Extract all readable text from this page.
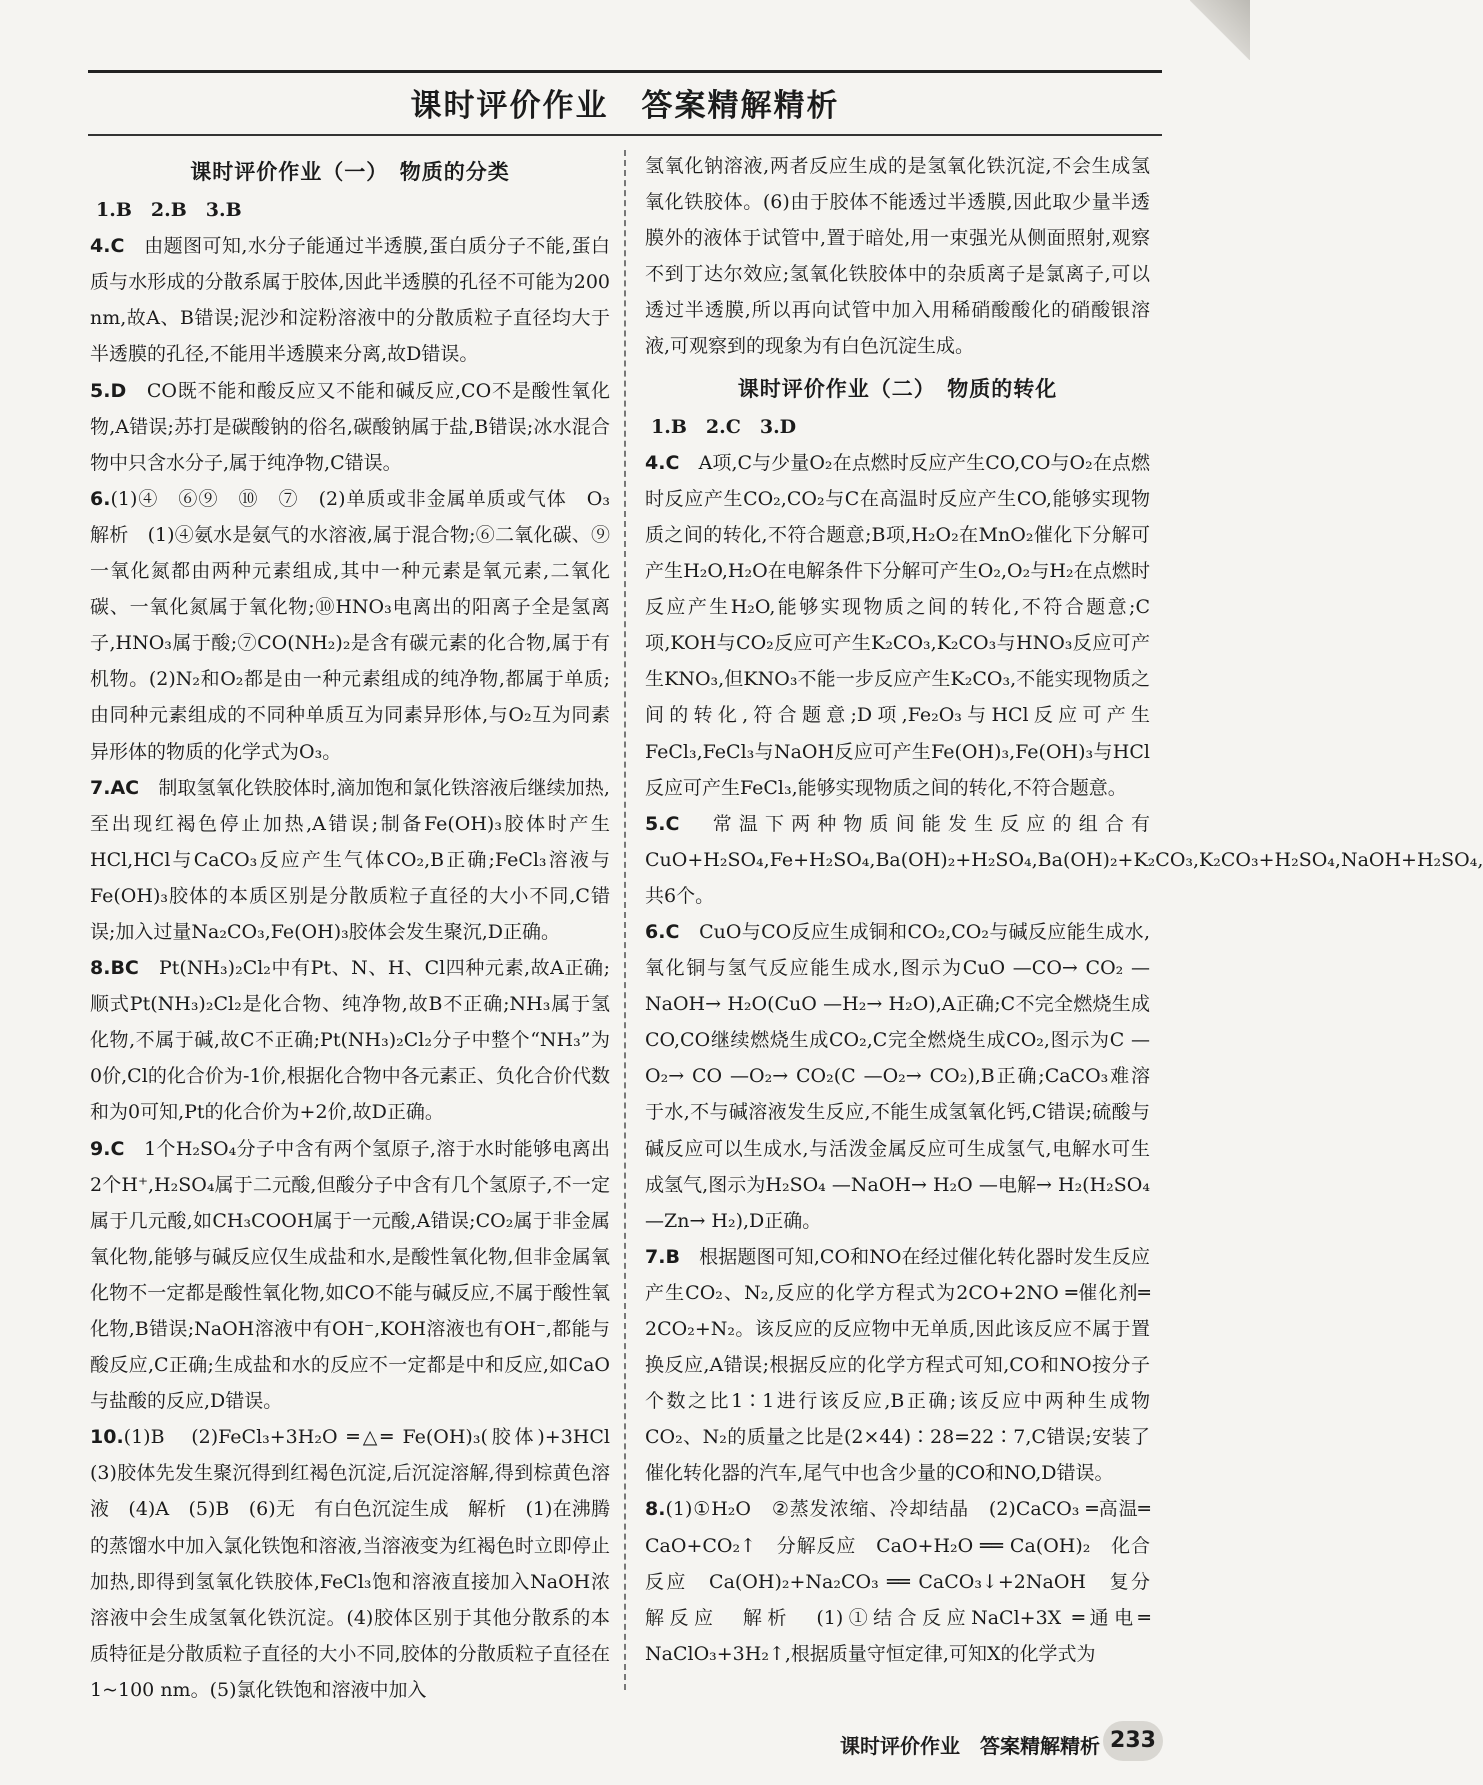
课时评价作业　答案精解精析

课时评价作业（一）　物质的分类

1.B　2.B　3.B

4.C　 由题图可知,水分子能通过半透膜,蛋白质分子不能,蛋白质与水形成的分散系属于胶体,因此半透膜的孔径不可能为200 nm,故A、B错误;泥沙和淀粉溶液中的分散质粒子直径均大于半透膜的孔径,不能用半透膜来分离,故D错误。

5.D　 CO既不能和酸反应又不能和碱反应,CO不是酸性氧化物,A错误;苏打是碳酸钠的俗名,碳酸钠属于盐,B错误;冰水混合物中只含水分子,属于纯净物,C错误。

6.(1)④　⑥⑨　⑩　⑦　(2)单质或非金属单质或气体　O₃　解析　(1)④氨水是氨气的水溶液,属于混合物;⑥二氧化碳、⑨一氧化氮都由两种元素组成,其中一种元素是氧元素,二氧化碳、一氧化氮属于氧化物;⑩HNO₃电离出的阳离子全是氢离子,HNO₃属于酸;⑦CO(NH₂)₂是含有碳元素的化合物,属于有机物。(2)N₂和O₂都是由一种元素组成的纯净物,都属于单质;由同种元素组成的不同种单质互为同素异形体,与O₂互为同素异形体的物质的化学式为O₃。

7.AC　 制取氢氧化铁胶体时,滴加饱和氯化铁溶液后继续加热,至出现红褐色停止加热,A错误;制备Fe(OH)₃胶体时产生HCl,HCl与CaCO₃反应产生气体CO₂,B正确;FeCl₃溶液与Fe(OH)₃胶体的本质区别是分散质粒子直径的大小不同,C错误;加入过量Na₂CO₃,Fe(OH)₃胶体会发生聚沉,D正确。

8.BC　 Pt(NH₃)₂Cl₂中有Pt、N、H、Cl四种元素,故A正确;顺式Pt(NH₃)₂Cl₂是化合物、纯净物,故B不正确;NH₃属于氢化物,不属于碱,故C不正确;Pt(NH₃)₂Cl₂分子中整个“NH₃”为0价,Cl的化合价为-1价,根据化合物中各元素正、负化合价代数和为0可知,Pt的化合价为+2价,故D正确。

9.C　 1个H₂SO₄分子中含有两个氢原子,溶于水时能够电离出2个H⁺,H₂SO₄属于二元酸,但酸分子中含有几个氢原子,不一定属于几元酸,如CH₃COOH属于一元酸,A错误;CO₂属于非金属氧化物,能够与碱反应仅生成盐和水,是酸性氧化物,但非金属氧化物不一定都是酸性氧化物,如CO不能与碱反应,不属于酸性氧化物,B错误;NaOH溶液中有OH⁻,KOH溶液也有OH⁻,都能与酸反应,C正确;生成盐和水的反应不一定都是中和反应,如CaO与盐酸的反应,D错误。

10.(1)B　(2)FeCl₃+3H₂O ═△═ Fe(OH)₃(胶体)+3HCl　(3)胶体先发生聚沉得到红褐色沉淀,后沉淀溶解,得到棕黄色溶液　(4)A　(5)B　(6)无　有白色沉淀生成　解析　(1)在沸腾的蒸馏水中加入氯化铁饱和溶液,当溶液变为红褐色时立即停止加热,即得到氢氧化铁胶体,FeCl₃饱和溶液直接加入NaOH浓溶液中会生成氢氧化铁沉淀。(4)胶体区别于其他分散系的本质特征是分散质粒子直径的大小不同,胶体的分散质粒子直径在1~100 nm。(5)氯化铁饱和溶液中加入

氢氧化钠溶液,两者反应生成的是氢氧化铁沉淀,不会生成氢氧化铁胶体。(6)由于胶体不能透过半透膜,因此取少量半透膜外的液体于试管中,置于暗处,用一束强光从侧面照射,观察不到丁达尔效应;氢氧化铁胶体中的杂质离子是氯离子,可以透过半透膜,所以再向试管中加入用稀硝酸酸化的硝酸银溶液,可观察到的现象为有白色沉淀生成。

课时评价作业（二）　物质的转化

1.B　2.C　3.D

4.C　 A项,C与少量O₂在点燃时反应产生CO,CO与O₂在点燃时反应产生CO₂,CO₂与C在高温时反应产生CO,能够实现物质之间的转化,不符合题意;B项,H₂O₂在MnO₂催化下分解可产生H₂O,H₂O在电解条件下分解可产生O₂,O₂与H₂在点燃时反应产生H₂O,能够实现物质之间的转化,不符合题意;C项,KOH与CO₂反应可产生K₂CO₃,K₂CO₃与HNO₃反应可产生KNO₃,但KNO₃不能一步反应产生K₂CO₃,不能实现物质之间的转化,符合题意;D项,Fe₂O₃与HCl反应可产生FeCl₃,FeCl₃与NaOH反应可产生Fe(OH)₃,Fe(OH)₃与HCl反应可产生FeCl₃,能够实现物质之间的转化,不符合题意。

5.C　 常温下两种物质间能发生反应的组合有CuO+H₂SO₄,Fe+H₂SO₄,Ba(OH)₂+H₂SO₄,Ba(OH)₂+K₂CO₃,K₂CO₃+H₂SO₄,NaOH+H₂SO₄,共6个。

6.C　 CuO与CO反应生成铜和CO₂,CO₂与碱反应能生成水,氧化铜与氢气反应能生成水,图示为CuO —CO→ CO₂ —NaOH→ H₂O(CuO —H₂→ H₂O),A正确;C不完全燃烧生成CO,CO继续燃烧生成CO₂,C完全燃烧生成CO₂,图示为C —O₂→ CO —O₂→ CO₂(C —O₂→ CO₂),B正确;CaCO₃难溶于水,不与碱溶液发生反应,不能生成氢氧化钙,C错误;硫酸与碱反应可以生成水,与活泼金属反应可生成氢气,电解水可生成氢气,图示为H₂SO₄ —NaOH→ H₂O —电解→ H₂(H₂SO₄ —Zn→ H₂),D正确。

7.B　 根据题图可知,CO和NO在经过催化转化器时发生反应产生CO₂、N₂,反应的化学方程式为2CO+2NO ═催化剂═ 2CO₂+N₂。该反应的反应物中无单质,因此该反应不属于置换反应,A错误;根据反应的化学方程式可知,CO和NO按分子个数之比1∶1进行该反应,B正确;该反应中两种生成物CO₂、N₂的质量之比是(2×44)∶28=22∶7,C错误;安装了催化转化器的汽车,尾气中也含少量的CO和NO,D错误。

8.(1)①H₂O　②蒸发浓缩、冷却结晶　(2)CaCO₃ ═高温═ CaO+CO₂↑　分解反应　CaO+H₂O ══ Ca(OH)₂　化合反应　Ca(OH)₂+Na₂CO₃ ══ CaCO₃↓+2NaOH　复分解反应　解析　(1)①结合反应NaCl+3X ═通电═ NaClO₃+3H₂↑,根据质量守恒定律,可知X的化学式为

课时评价作业　答案精解精析 233
